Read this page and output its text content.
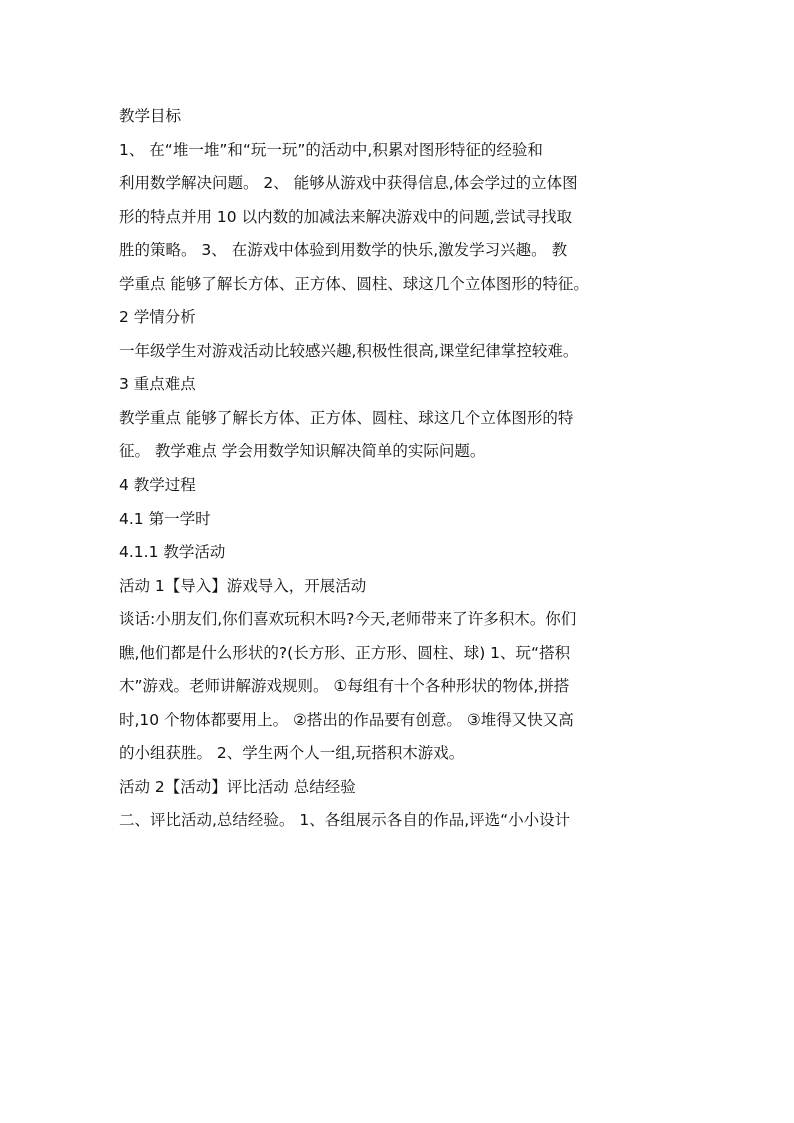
教学目标
1、 在“堆一堆”和“玩一玩”的活动中,积累对图形特征的经验和
利用数学解决问题。 2、 能够从游戏中获得信息,体会学过的立体图
形的特点并用 10 以内数的加减法来解决游戏中的问题,尝试寻找取
胜的策略。 3、 在游戏中体验到用数学的快乐,激发学习兴趣。 教
学重点 能够了解长方体、正方体、圆柱、球这几个立体图形的特征。
2 学情分析
一年级学生对游戏活动比较感兴趣,积极性很高,课堂纪律掌控较难。
3 重点难点
教学重点 能够了解长方体、正方体、圆柱、球这几个立体图形的特
征。 教学难点 学会用数学知识解决简单的实际问题。
4 教学过程
4.1 第一学时
4.1.1 教学活动
活动 1【导入】游戏导入，开展活动
谈话:小朋友们,你们喜欢玩积木吗?今天,老师带来了许多积木。你们
瞧,他们都是什么形状的?(长方形、正方形、圆柱、球) 1、玩“搭积
木”游戏。老师讲解游戏规则。 ①每组有十个各种形状的物体,拼搭
时,10 个物体都要用上。 ②搭出的作品要有创意。 ③堆得又快又高
的小组获胜。 2、学生两个人一组,玩搭积木游戏。
活动 2【活动】评比活动 总结经验
二、评比活动,总结经验。 1、各组展示各自的作品,评选“小小设计
